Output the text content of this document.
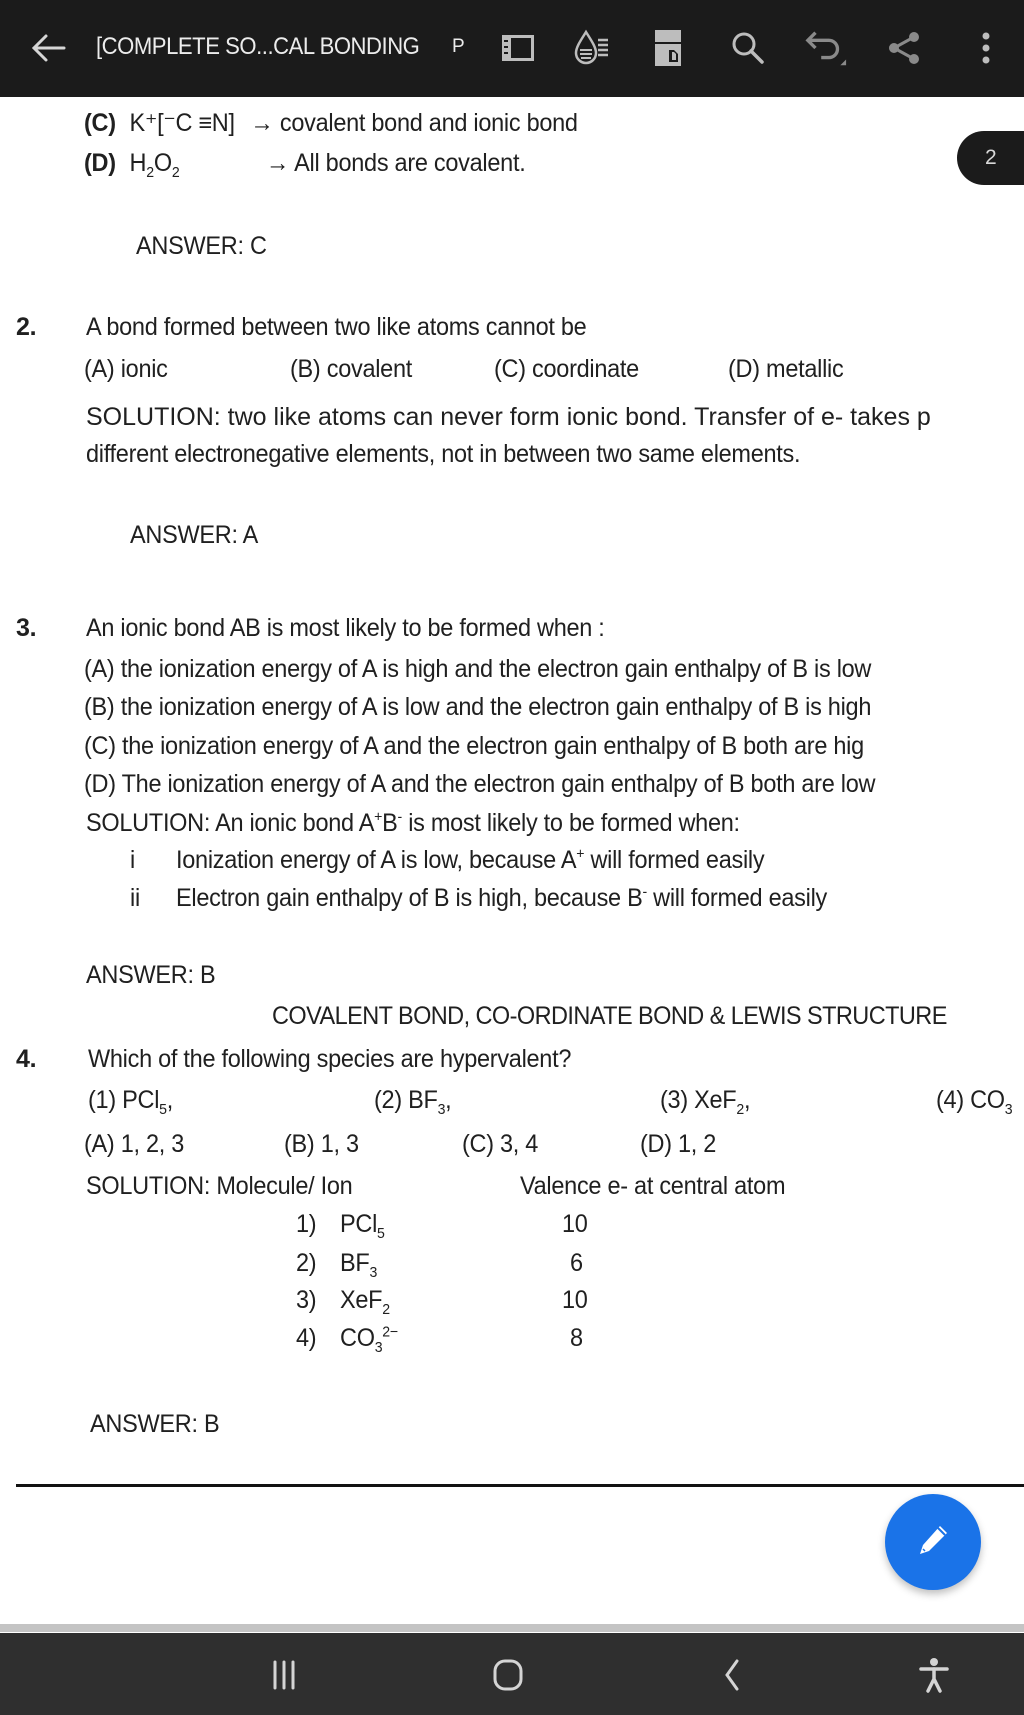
[COMPLETE SO...CAL BONDING P
2
(C) K⁺[⁻C ≡N] → covalent bond and ionic bond
(D) $H_2O_2$	→ All bonds are covalent.
ANSWER: C
2. A bond formed between two like atoms cannot be
(A) ionic	(B) covalent	(C) coordinate	(D) metallic
SOLUTION: two like atoms can never form ionic bond. Transfer of e- takes p
different electronegative elements, not in between two same elements.
ANSWER: A
3. An ionic bond AB is most likely to be formed when :
(A) the ionization energy of A is high and the electron gain enthalpy of B is low
(B) the ionization energy of A is low and the electron gain enthalpy of B is high
(C) the ionization energy of A and the electron gain enthalpy of B both are hig
(D) The ionization energy of A and the electron gain enthalpy of B both are low
SOLUTION: An ionic bond A+B- is most likely to be formed when:
i Ionization energy of A is low, because A+ will formed easily
ii Electron gain enthalpy of B is high, because B- will formed easily
ANSWER: B
COVALENT BOND, CO-ORDINATE BOND & LEWIS STRUCTURE
4. Which of the following species are hypervalent?
(1) PCl$_5$,	(2) $BF_3$,	(3) XeF$_2$,	(4) $CO_3$
(A) 1, 2, 3	(B) 1, 3	(C) 3, 4	(D) 1, 2
SOLUTION: Molecule/ Ion	Valence e- at central atom
1) PCl$_5$	10
2) $BF_3$	6
3) XeF$_2$	10
4) $CO_3^{2-}$	8
ANSWER: B
